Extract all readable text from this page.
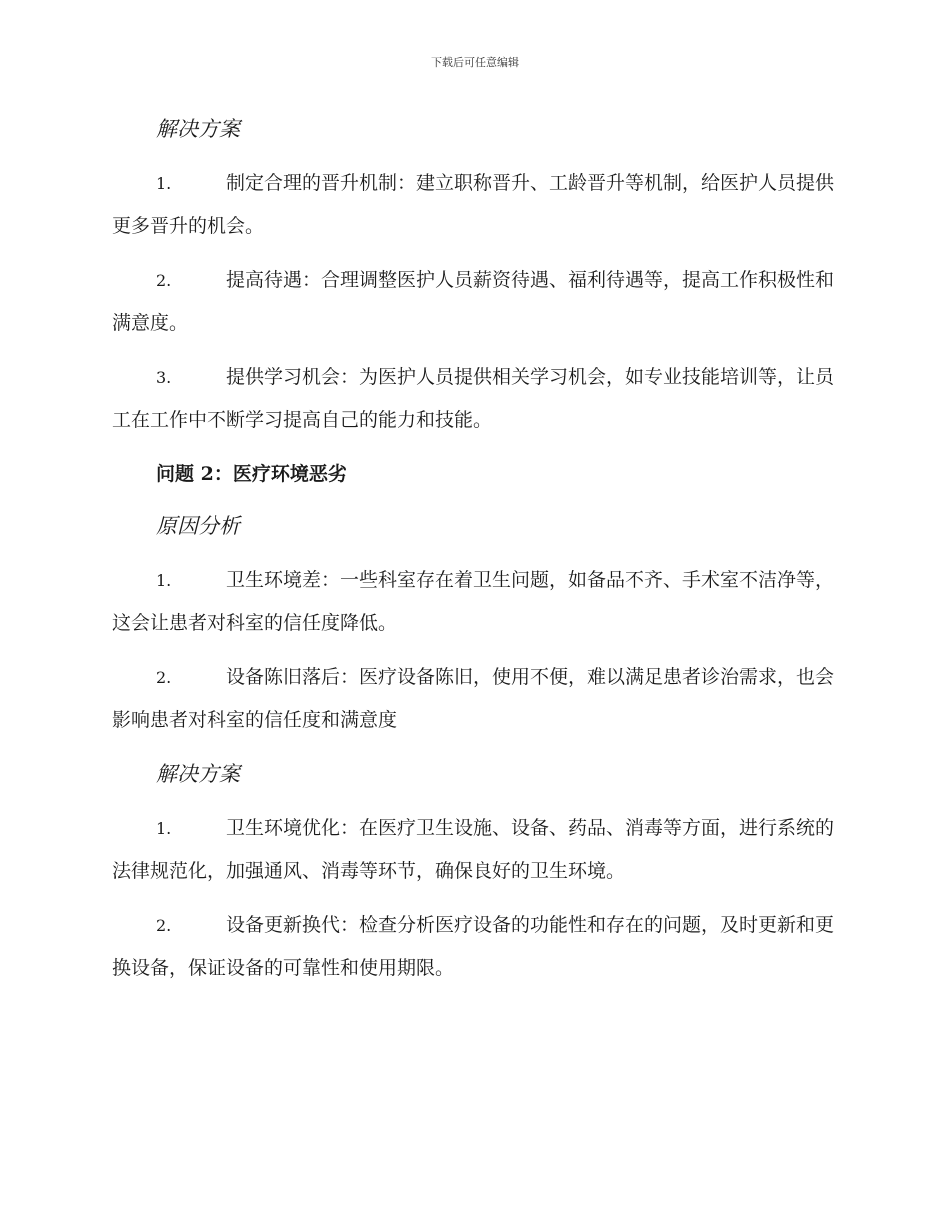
下载后可任意编辑
解决方案
1.	制定合理的晋升机制：建立职称晋升、工龄晋升等机制，给医护人员提供更多晋升的机会。
2.	提高待遇：合理调整医护人员薪资待遇、福利待遇等，提高工作积极性和满意度。
3.	提供学习机会：为医护人员提供相关学习机会，如专业技能培训等，让员工在工作中不断学习提高自己的能力和技能。
问题 2：医疗环境恶劣
原因分析
1.	卫生环境差：一些科室存在着卫生问题，如备品不齐、手术室不洁净等，这会让患者对科室的信任度降低。
2.	设备陈旧落后：医疗设备陈旧，使用不便，难以满足患者诊治需求，也会影响患者对科室的信任度和满意度
解决方案
1.	卫生环境优化：在医疗卫生设施、设备、药品、消毒等方面，进行系统的法律规范化，加强通风、消毒等环节，确保良好的卫生环境。
2.	设备更新换代：检查分析医疗设备的功能性和存在的问题，及时更新和更换设备，保证设备的可靠性和使用期限。
